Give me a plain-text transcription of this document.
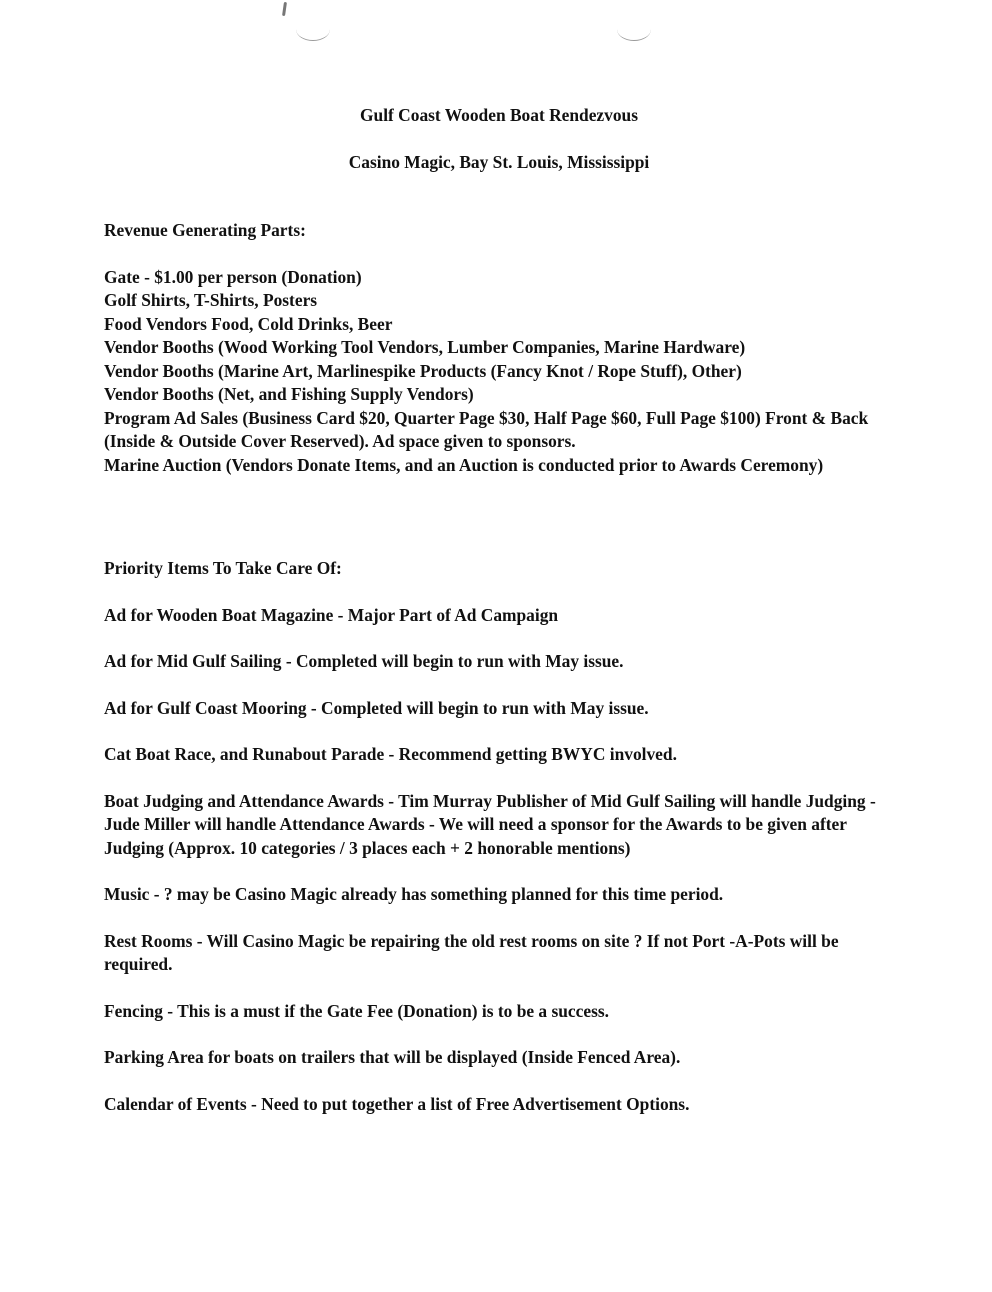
Gulf Coast Wooden Boat Rendezvous
Casino Magic, Bay St. Louis, Mississippi
Revenue Generating Parts:
Gate - $1.00 per person (Donation)
Golf Shirts, T-Shirts, Posters
Food Vendors Food, Cold Drinks, Beer
Vendor Booths (Wood Working Tool Vendors, Lumber Companies, Marine Hardware)
Vendor Booths (Marine Art, Marlinespike Products (Fancy Knot / Rope Stuff), Other)
Vendor Booths (Net, and Fishing Supply Vendors)
Program Ad Sales (Business Card $20, Quarter Page $30, Half Page $60, Full Page $100) Front & Back (Inside & Outside Cover Reserved). Ad space given to sponsors.
Marine Auction (Vendors Donate Items, and an Auction is conducted prior to Awards Ceremony)
Priority Items To Take Care Of:
Ad for Wooden Boat Magazine - Major Part of Ad Campaign
Ad for Mid Gulf Sailing - Completed will begin to run with May issue.
Ad for Gulf Coast Mooring - Completed will begin to run with May issue.
Cat Boat Race, and Runabout Parade - Recommend getting BWYC involved.
Boat Judging and Attendance Awards - Tim Murray Publisher of Mid Gulf Sailing will handle Judging - Jude Miller will handle Attendance Awards - We will need a sponsor for the Awards to be given after Judging (Approx. 10 categories / 3 places each + 2 honorable mentions)
Music - ? may be Casino Magic already has something planned for this time period.
Rest Rooms - Will Casino Magic be repairing the old rest rooms on site ? If not Port -A-Pots will be required.
Fencing - This is a must if the Gate Fee (Donation) is to be a success.
Parking Area for boats on trailers that will be displayed (Inside Fenced Area).
Calendar of Events - Need to put together a list of Free Advertisement Options.
